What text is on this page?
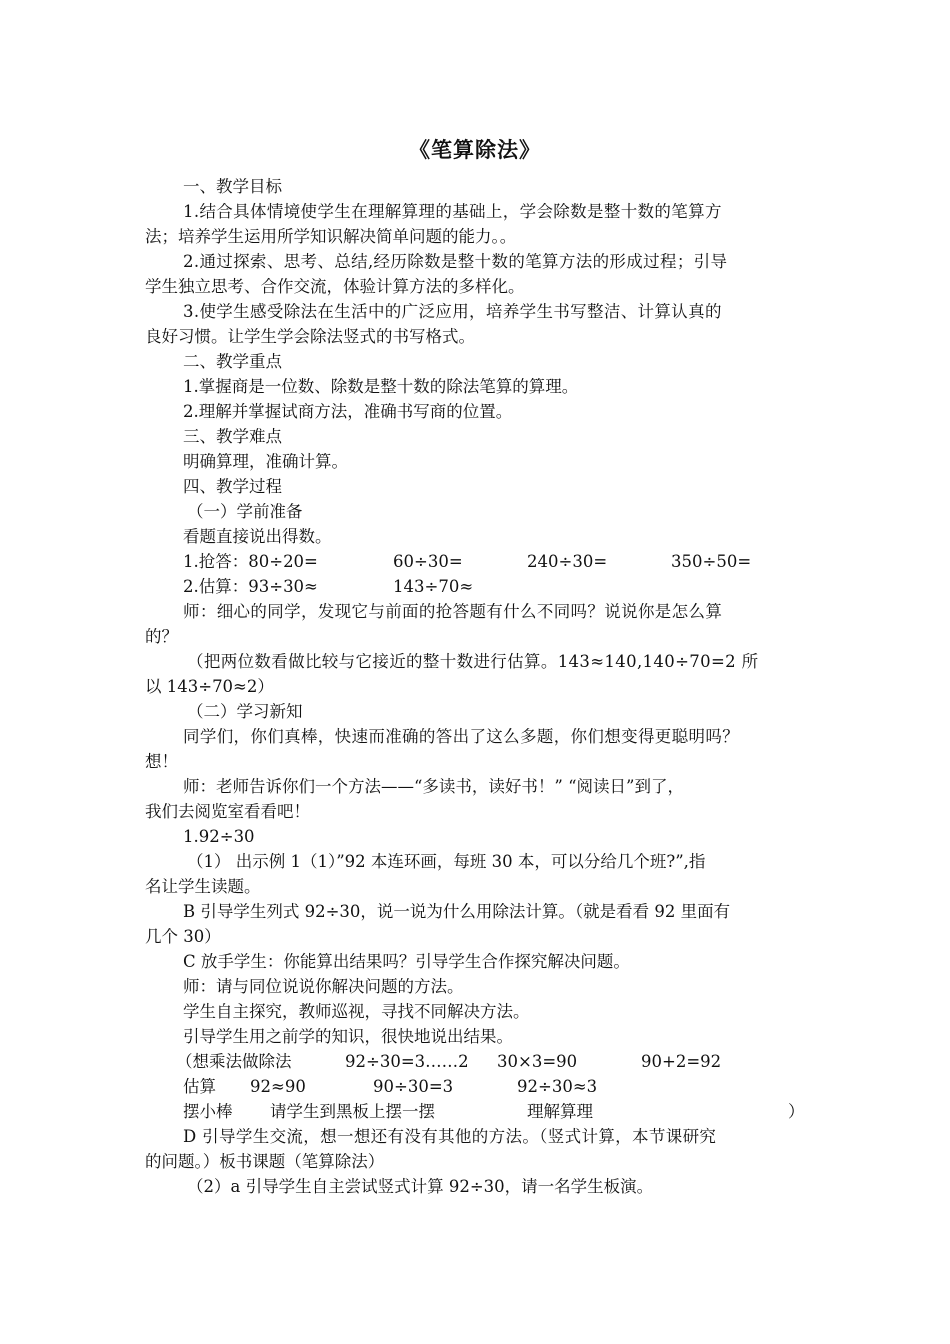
《笔算除法》
一、教学目标
1.结合具体情境使学生在理解算理的基础上，学会除数是整十数的笔算方
法；培养学生运用所学知识解决简单问题的能力。。
2.通过探索、思考、总结,经历除数是整十数的笔算方法的形成过程；引导
学生独立思考、合作交流，体验计算方法的多样化。
3.使学生感受除法在生活中的广泛应用，培养学生书写整洁、计算认真的
良好习惯。让学生学会除法竖式的书写格式。
二、教学重点
1.掌握商是一位数、除数是整十数的除法笔算的算理。
2.理解并掌握试商方法，准确书写商的位置。
三、教学难点
明确算理，准确计算。
四、教学过程
（一）学前准备
看题直接说出得数。
1.抢答：80÷20=	60÷30=	240÷30=	350÷50=
2.估算：93÷30≈	143÷70≈
师：细心的同学，发现它与前面的抢答题有什么不同吗？说说你是怎么算
的？
（把两位数看做比较与它接近的整十数进行估算。143≈140,140÷70=2 所
以 143÷70≈2）
（二）学习新知
同学们，你们真棒，快速而准确的答出了这么多题，你们想变得更聪明吗？
想！
师：老师告诉你们一个方法——“多读书，读好书！” “阅读日”到了，
我们去阅览室看看吧！
1.92÷30
（1） 出示例 1（1）”92 本连环画，每班 30 本，可以分给几个班?”,指
名让学生读题。
B 引导学生列式 92÷30，说一说为什么用除法计算。（就是看看 92 里面有
几个 30）
C 放手学生：你能算出结果吗？引导学生合作探究解决问题。
师：请与同位说说你解决问题的方法。
学生自主探究，教师巡视，寻找不同解决方法。
引导学生用之前学的知识，很快地说出结果。
（想乘法做除法	92÷30=3……2 30×3=90	90+2=92
估算 92≈90	90÷30=3	92÷30≈3
摆小棒 请学生到黑板上摆一摆	理解算理	）
D 引导学生交流，想一想还有没有其他的方法。（竖式计算，本节课研究
的问题。）板书课题（笔算除法）
（2）a 引导学生自主尝试竖式计算 92÷30，请一名学生板演。
